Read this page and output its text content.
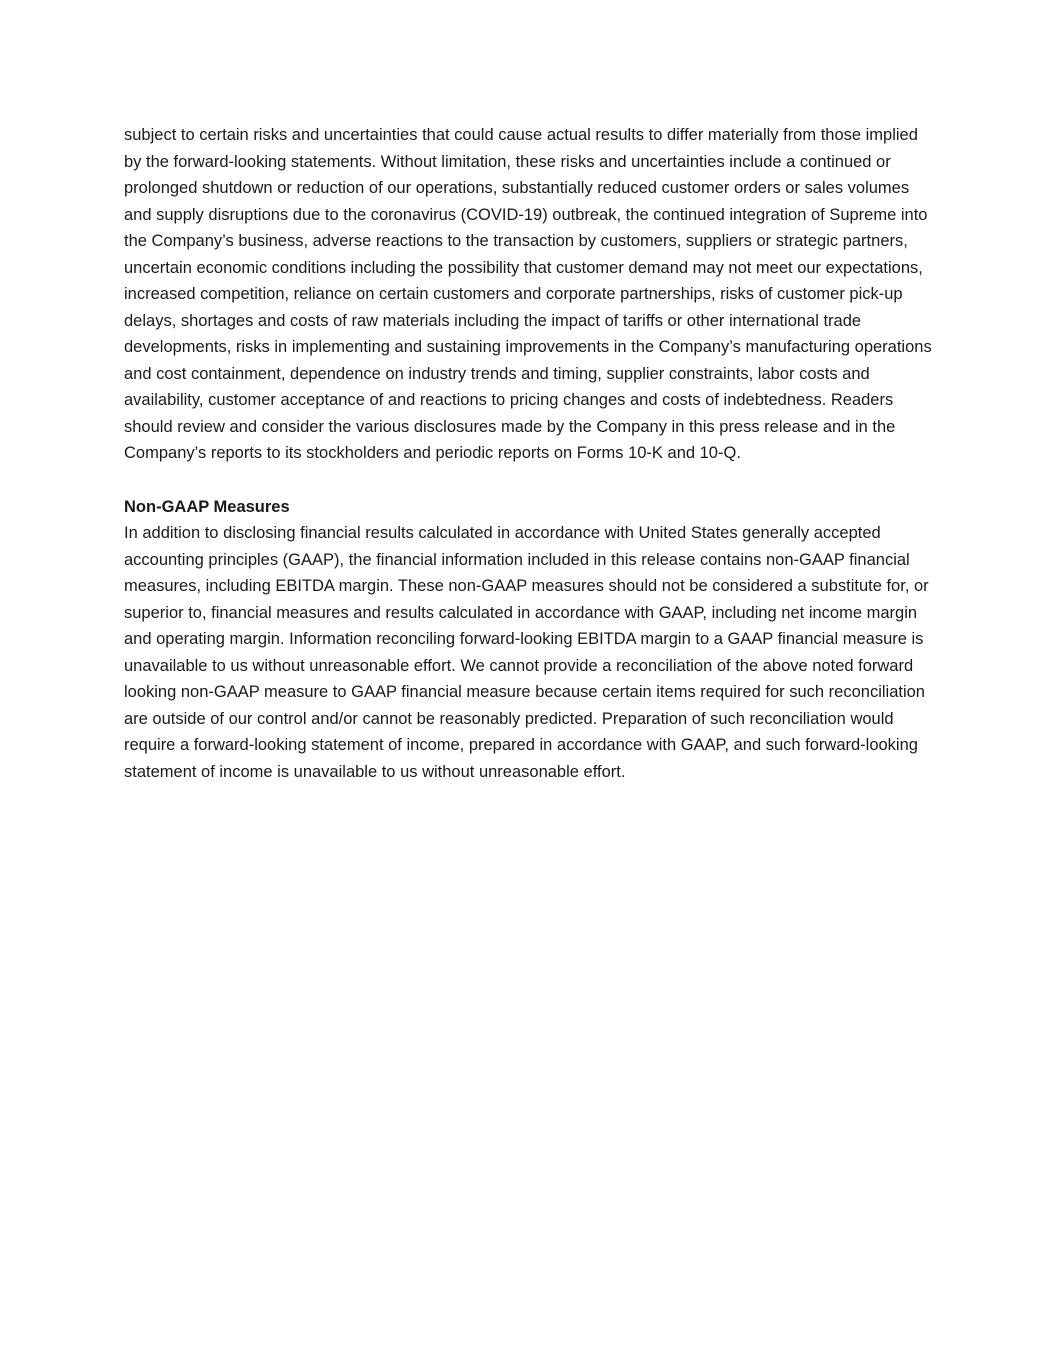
subject to certain risks and uncertainties that could cause actual results to differ materially from those implied by the forward-looking statements. Without limitation, these risks and uncertainties include a continued or prolonged shutdown or reduction of our operations, substantially reduced customer orders or sales volumes and supply disruptions due to the coronavirus (COVID-19) outbreak, the continued integration of Supreme into the Company’s business, adverse reactions to the transaction by customers, suppliers or strategic partners, uncertain economic conditions including the possibility that customer demand may not meet our expectations, increased competition, reliance on certain customers and corporate partnerships, risks of customer pick-up delays, shortages and costs of raw materials including the impact of tariffs or other international trade developments, risks in implementing and sustaining improvements in the Company’s manufacturing operations and cost containment, dependence on industry trends and timing, supplier constraints, labor costs and availability, customer acceptance of and reactions to pricing changes and costs of indebtedness. Readers should review and consider the various disclosures made by the Company in this press release and in the Company’s reports to its stockholders and periodic reports on Forms 10-K and 10-Q.

Non-GAAP Measures

In addition to disclosing financial results calculated in accordance with United States generally accepted accounting principles (GAAP), the financial information included in this release contains non-GAAP financial measures, including EBITDA margin. These non-GAAP measures should not be considered a substitute for, or superior to, financial measures and results calculated in accordance with GAAP, including net income margin and operating margin. Information reconciling forward-looking EBITDA margin to a GAAP financial measure is unavailable to us without unreasonable effort. We cannot provide a reconciliation of the above noted forward looking non-GAAP measure to GAAP financial measure because certain items required for such reconciliation are outside of our control and/or cannot be reasonably predicted. Preparation of such reconciliation would require a forward-looking statement of income, prepared in accordance with GAAP, and such forward-looking statement of income is unavailable to us without unreasonable effort.
